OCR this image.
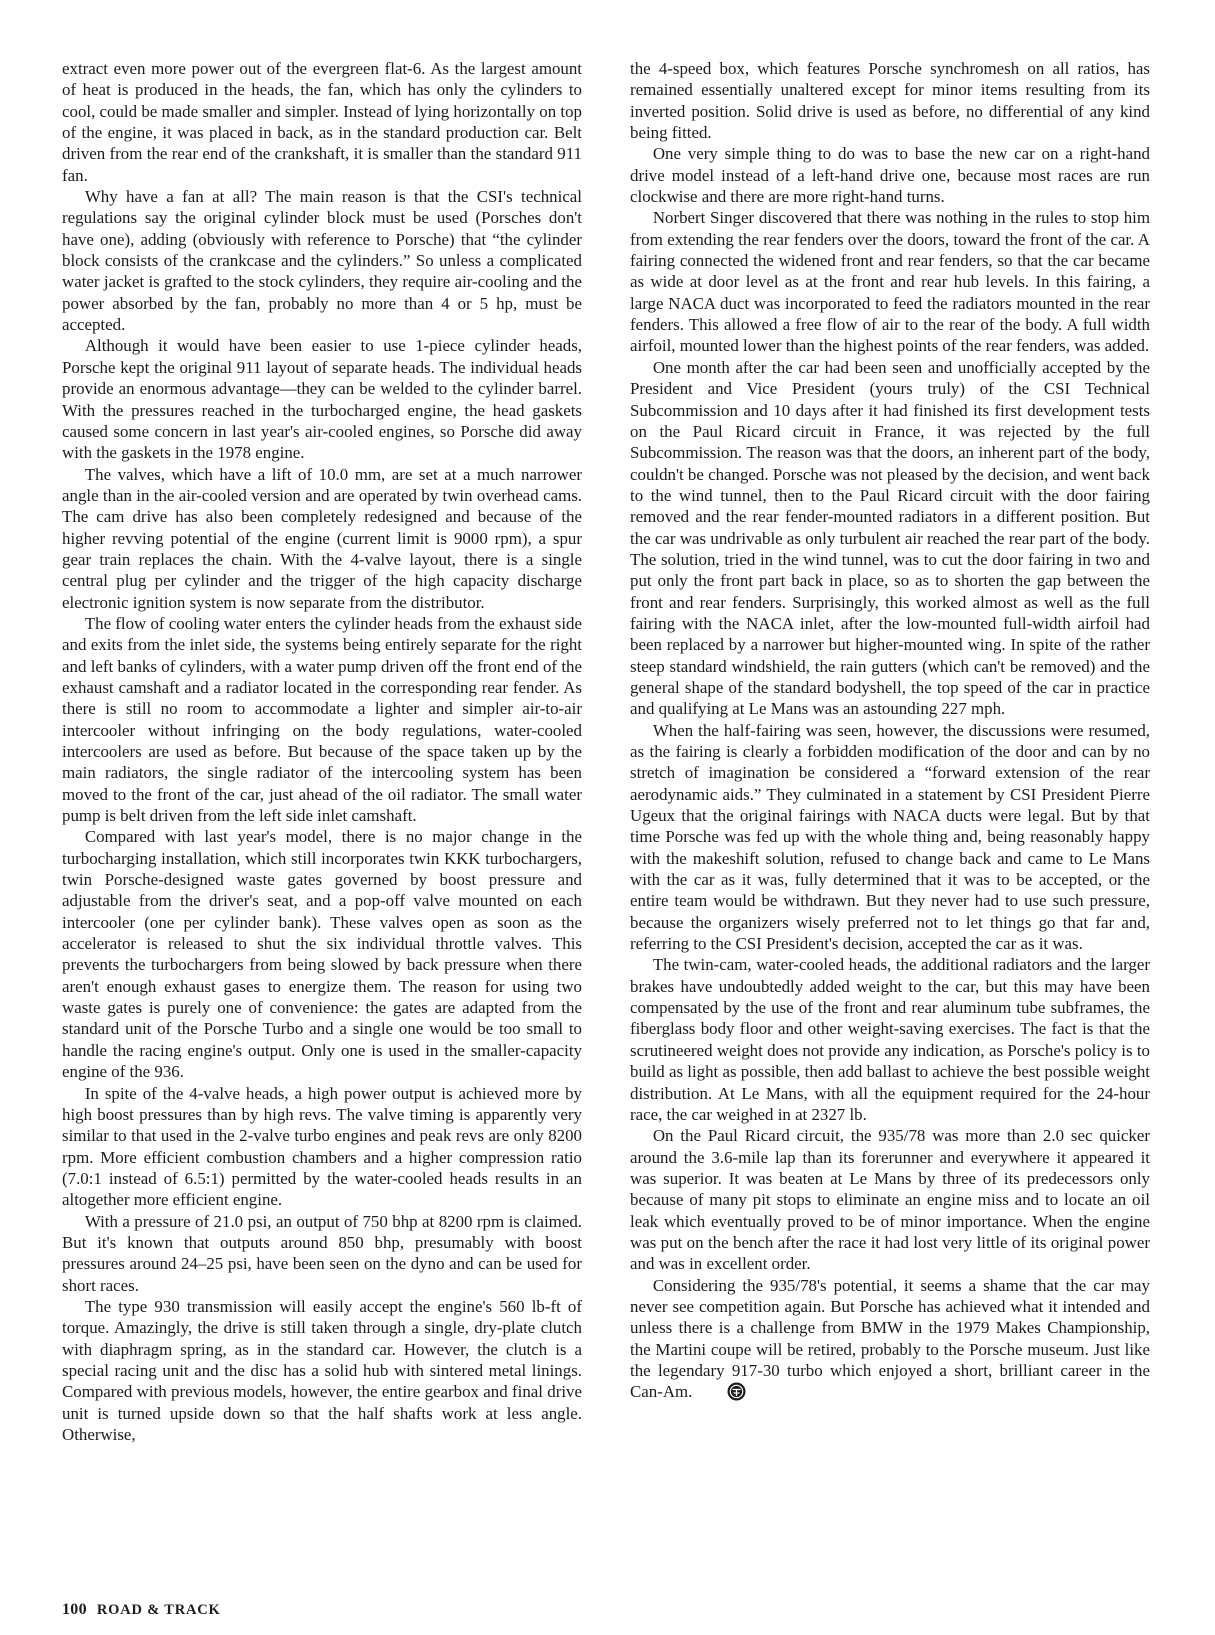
extract even more power out of the evergreen flat-6. As the largest amount of heat is produced in the heads, the fan, which has only the cylinders to cool, could be made smaller and simpler. Instead of lying horizontally on top of the engine, it was placed in back, as in the standard production car. Belt driven from the rear end of the crankshaft, it is smaller than the standard 911 fan.

Why have a fan at all? The main reason is that the CSI's technical regulations say the original cylinder block must be used (Porsches don't have one), adding (obviously with reference to Porsche) that “the cylinder block consists of the crankcase and the cylinders.” So unless a complicated water jacket is grafted to the stock cylinders, they require air-cooling and the power absorbed by the fan, probably no more than 4 or 5 hp, must be accepted.

Although it would have been easier to use 1-piece cylinder heads, Porsche kept the original 911 layout of separate heads. The individual heads provide an enormous advantage—they can be welded to the cylinder barrel. With the pressures reached in the turbocharged engine, the head gaskets caused some concern in last year's air-cooled engines, so Porsche did away with the gaskets in the 1978 engine.

The valves, which have a lift of 10.0 mm, are set at a much narrower angle than in the air-cooled version and are operated by twin overhead cams. The cam drive has also been completely redesigned and because of the higher revving potential of the engine (current limit is 9000 rpm), a spur gear train replaces the chain. With the 4-valve layout, there is a single central plug per cylinder and the trigger of the high capacity discharge electronic ignition system is now separate from the distributor.

The flow of cooling water enters the cylinder heads from the exhaust side and exits from the inlet side, the systems being entirely separate for the right and left banks of cylinders, with a water pump driven off the front end of the exhaust camshaft and a radiator located in the corresponding rear fender. As there is still no room to accommodate a lighter and simpler air-to-air intercooler without infringing on the body regulations, water-cooled intercoolers are used as before. But because of the space taken up by the main radiators, the single radiator of the intercooling system has been moved to the front of the car, just ahead of the oil radiator. The small water pump is belt driven from the left side inlet camshaft.

Compared with last year's model, there is no major change in the turbocharging installation, which still incorporates twin KKK turbochargers, twin Porsche-designed waste gates governed by boost pressure and adjustable from the driver's seat, and a pop-off valve mounted on each intercooler (one per cylinder bank). These valves open as soon as the accelerator is released to shut the six individual throttle valves. This prevents the turbochargers from being slowed by back pressure when there aren't enough exhaust gases to energize them. The reason for using two waste gates is purely one of convenience: the gates are adapted from the standard unit of the Porsche Turbo and a single one would be too small to handle the racing engine's output. Only one is used in the smaller-capacity engine of the 936.

In spite of the 4-valve heads, a high power output is achieved more by high boost pressures than by high revs. The valve timing is apparently very similar to that used in the 2-valve turbo engines and peak revs are only 8200 rpm. More efficient combustion chambers and a higher compression ratio (7.0:1 instead of 6.5:1) permitted by the water-cooled heads results in an altogether more efficient engine.

With a pressure of 21.0 psi, an output of 750 bhp at 8200 rpm is claimed. But it's known that outputs around 850 bhp, presumably with boost pressures around 24–25 psi, have been seen on the dyno and can be used for short races.

The type 930 transmission will easily accept the engine's 560 lb-ft of torque. Amazingly, the drive is still taken through a single, dry-plate clutch with diaphragm spring, as in the standard car. However, the clutch is a special racing unit and the disc has a solid hub with sintered metal linings. Compared with previous models, however, the entire gearbox and final drive unit is turned upside down so that the half shafts work at less angle. Otherwise,

the 4-speed box, which features Porsche synchromesh on all ratios, has remained essentially unaltered except for minor items resulting from its inverted position. Solid drive is used as before, no differential of any kind being fitted.

One very simple thing to do was to base the new car on a right-hand drive model instead of a left-hand drive one, because most races are run clockwise and there are more right-hand turns.

Norbert Singer discovered that there was nothing in the rules to stop him from extending the rear fenders over the doors, toward the front of the car. A fairing connected the widened front and rear fenders, so that the car became as wide at door level as at the front and rear hub levels. In this fairing, a large NACA duct was incorporated to feed the radiators mounted in the rear fenders. This allowed a free flow of air to the rear of the body. A full width airfoil, mounted lower than the highest points of the rear fenders, was added.

One month after the car had been seen and unofficially accepted by the President and Vice President (yours truly) of the CSI Technical Subcommission and 10 days after it had finished its first development tests on the Paul Ricard circuit in France, it was rejected by the full Subcommission. The reason was that the doors, an inherent part of the body, couldn't be changed. Porsche was not pleased by the decision, and went back to the wind tunnel, then to the Paul Ricard circuit with the door fairing removed and the rear fender-mounted radiators in a different position. But the car was undrivable as only turbulent air reached the rear part of the body. The solution, tried in the wind tunnel, was to cut the door fairing in two and put only the front part back in place, so as to shorten the gap between the front and rear fenders. Surprisingly, this worked almost as well as the full fairing with the NACA inlet, after the low-mounted full-width airfoil had been replaced by a narrower but higher-mounted wing. In spite of the rather steep standard windshield, the rain gutters (which can't be removed) and the general shape of the standard bodyshell, the top speed of the car in practice and qualifying at Le Mans was an astounding 227 mph.

When the half-fairing was seen, however, the discussions were resumed, as the fairing is clearly a forbidden modification of the door and can by no stretch of imagination be considered a “forward extension of the rear aerodynamic aids.” They culminated in a statement by CSI President Pierre Ugeux that the original fairings with NACA ducts were legal. But by that time Porsche was fed up with the whole thing and, being reasonably happy with the makeshift solution, refused to change back and came to Le Mans with the car as it was, fully determined that it was to be accepted, or the entire team would be withdrawn. But they never had to use such pressure, because the organizers wisely preferred not to let things go that far and, referring to the CSI President's decision, accepted the car as it was.

The twin-cam, water-cooled heads, the additional radiators and the larger brakes have undoubtedly added weight to the car, but this may have been compensated by the use of the front and rear aluminum tube subframes, the fiberglass body floor and other weight-saving exercises. The fact is that the scrutineered weight does not provide any indication, as Porsche's policy is to build as light as possible, then add ballast to achieve the best possible weight distribution. At Le Mans, with all the equipment required for the 24-hour race, the car weighed in at 2327 lb.

On the Paul Ricard circuit, the 935/78 was more than 2.0 sec quicker around the 3.6-mile lap than its forerunner and everywhere it appeared it was superior. It was beaten at Le Mans by three of its predecessors only because of many pit stops to eliminate an engine miss and to locate an oil leak which eventually proved to be of minor importance. When the engine was put on the bench after the race it had lost very little of its original power and was in excellent order.

Considering the 935/78's potential, it seems a shame that the car may never see competition again. But Porsche has achieved what it intended and unless there is a challenge from BMW in the 1979 Makes Championship, the Martini coupe will be retired, probably to the Porsche museum. Just like the legendary 917-30 turbo which enjoyed a short, brilliant career in the Can-Am.

100 ROAD & TRACK
